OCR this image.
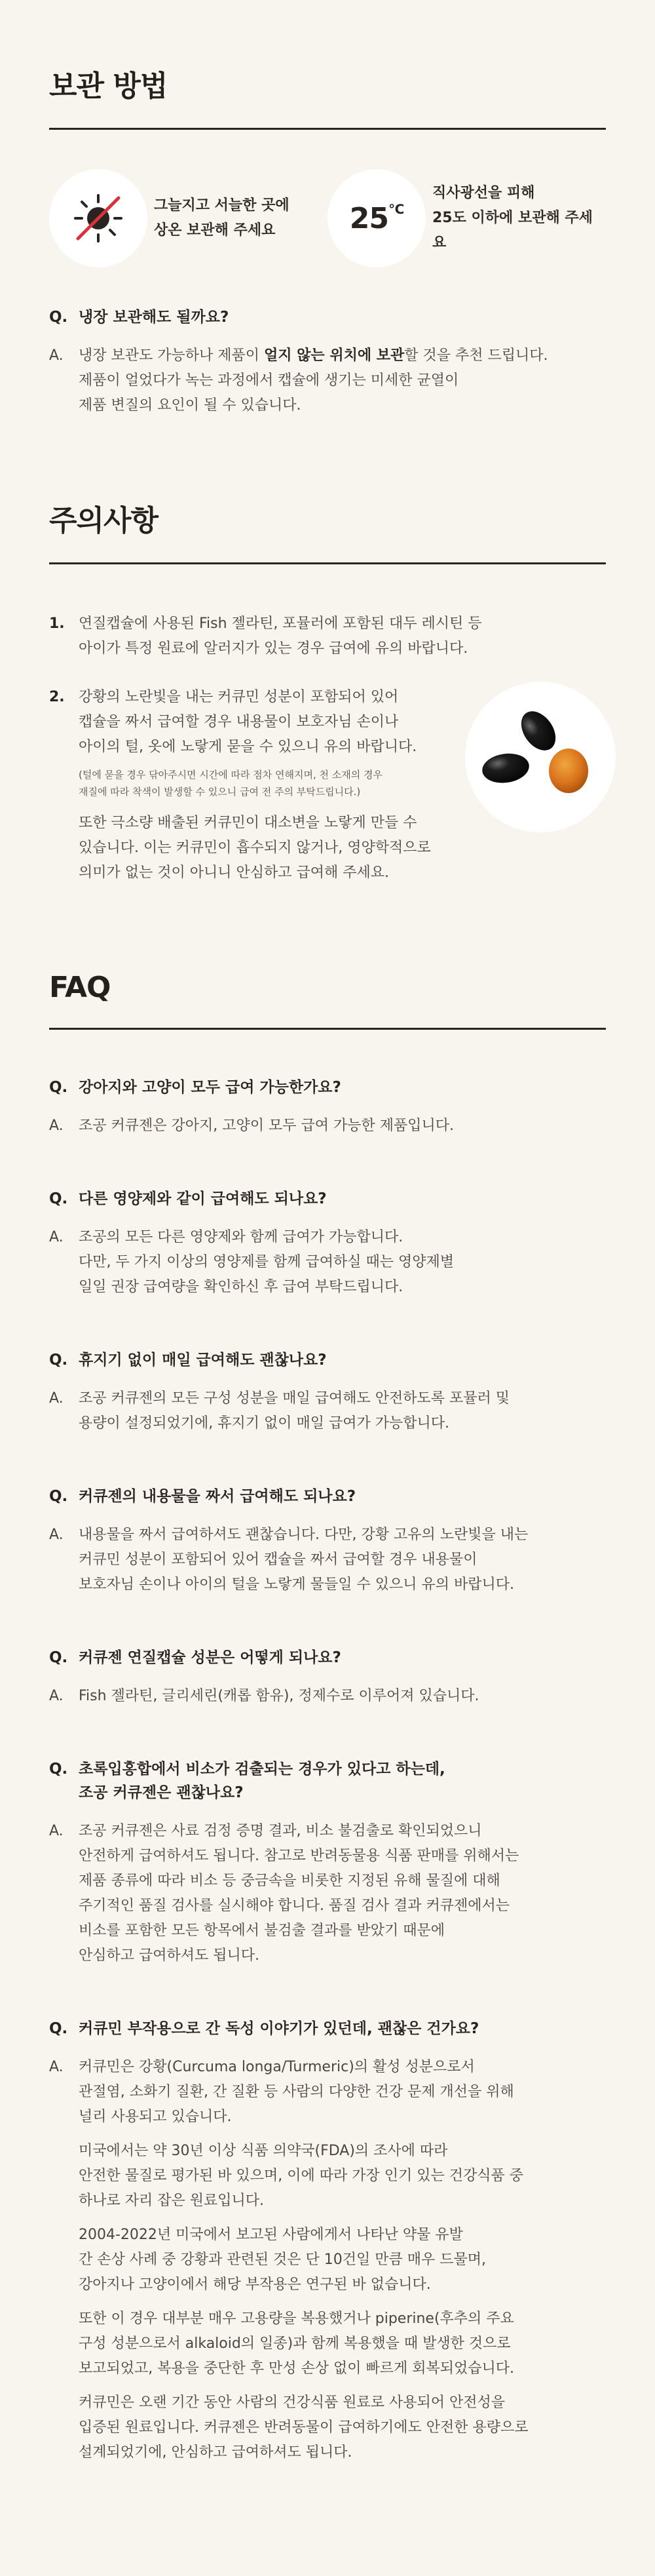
보관 방법
그늘지고 서늘한 곳에
상온 보관해 주세요	25℃
직사광선을 피해
25도 이하에 보관해 주세요
Q. 냉장 보관해도 될까요?
A.	냉장 보관도 가능하나 제품이 얼지 않는 위치에 보관할 것을 추천 드립니다.
제품이 얼었다가 녹는 과정에서 캡슐에 생기는 미세한 균열이
제품 변질의 요인이 될 수 있습니다.
주의사항
1. 연질캡슐에 사용된 Fish 젤라틴, 포뮬러에 포함된 대두 레시틴 등
아이가 특정 원료에 알러지가 있는 경우 급여에 유의 바랍니다.
2. 강황의 노란빛을 내는 커큐민 성분이 포함되어 있어
캡슐을 짜서 급여할 경우 내용물이 보호자님 손이나
아이의 털, 옷에 노랗게 묻을 수 있으니 유의 바랍니다.
(털에 묻을 경우 닦아주시면 시간에 따라 점차 연해지며, 천 소재의 경우
재질에 따라 착색이 발생할 수 있으니 급여 전 주의 부탁드립니다.)
또한 극소량 배출된 커큐민이 대소변을 노랗게 만들 수
있습니다. 이는 커큐민이 흡수되지 않거나, 영양학적으로
의미가 없는 것이 아니니 안심하고 급여해 주세요.
FAQ
Q. 강아지와 고양이 모두 급여 가능한가요?
A.	조공 커큐젠은 강아지, 고양이 모두 급여 가능한 제품입니다.

Q. 다른 영양제와 같이 급여해도 되나요?
A.	조공의 모든 다른 영양제와 함께 급여가 가능합니다.
다만, 두 가지 이상의 영양제를 함께 급여하실 때는 영양제별
일일 권장 급여량을 확인하신 후 급여 부탁드립니다.

Q. 휴지기 없이 매일 급여해도 괜찮나요?
A.	조공 커큐젠의 모든 구성 성분을 매일 급여해도 안전하도록 포뮬러 및
용량이 설정되었기에, 휴지기 없이 매일 급여가 가능합니다.

Q. 커큐젠의 내용물을 짜서 급여해도 되나요?
A.	내용물을 짜서 급여하셔도 괜찮습니다. 다만, 강황 고유의 노란빛을 내는
커큐민 성분이 포함되어 있어 캡슐을 짜서 급여할 경우 내용물이
보호자님 손이나 아이의 털을 노랗게 물들일 수 있으니 유의 바랍니다.

Q. 커큐젠 연질캡슐 성분은 어떻게 되나요?
A.	Fish 젤라틴, 글리세린(캐롭 함유), 정제수로 이루어져 있습니다.

Q. 초록입홍합에서 비소가 검출되는 경우가 있다고 하는데,
조공 커큐젠은 괜찮나요?
A.	조공 커큐젠은 사료 검정 증명 결과, 비소 불검출로 확인되었으니
안전하게 급여하셔도 됩니다. 참고로 반려동물용 식품 판매를 위해서는
제품 종류에 따라 비소 등 중금속을 비롯한 지정된 유해 물질에 대해
주기적인 품질 검사를 실시해야 합니다. 품질 검사 결과 커큐젠에서는
비소를 포함한 모든 항목에서 불검출 결과를 받았기 때문에
안심하고 급여하셔도 됩니다.

Q. 커큐민 부작용으로 간 독성 이야기가 있던데, 괜찮은 건가요?
A.	커큐민은 강황(Curcuma longa/Turmeric)의 활성 성분으로서
관절염, 소화기 질환, 간 질환 등 사람의 다양한 건강 문제 개선을 위해
널리 사용되고 있습니다.

미국에서는 약 30년 이상 식품 의약국(FDA)의 조사에 따라
안전한 물질로 평가된 바 있으며, 이에 따라 가장 인기 있는 건강식품 중
하나로 자리 잡은 원료입니다.

2004-2022년 미국에서 보고된 사람에게서 나타난 약물 유발
간 손상 사례 중 강황과 관련된 것은 단 10건일 만큼 매우 드물며,
강아지나 고양이에서 해당 부작용은 연구된 바 없습니다.

또한 이 경우 대부분 매우 고용량을 복용했거나 piperine(후추의 주요
구성 성분으로서 alkaloid의 일종)과 함께 복용했을 때 발생한 것으로
보고되었고, 복용을 중단한 후 만성 손상 없이 빠르게 회복되었습니다.

커큐민은 오랜 기간 동안 사람의 건강식품 원료로 사용되어 안전성을
입증된 원료입니다. 커큐젠은 반려동물이 급여하기에도 안전한 용량으로
설계되었기에, 안심하고 급여하셔도 됩니다.
